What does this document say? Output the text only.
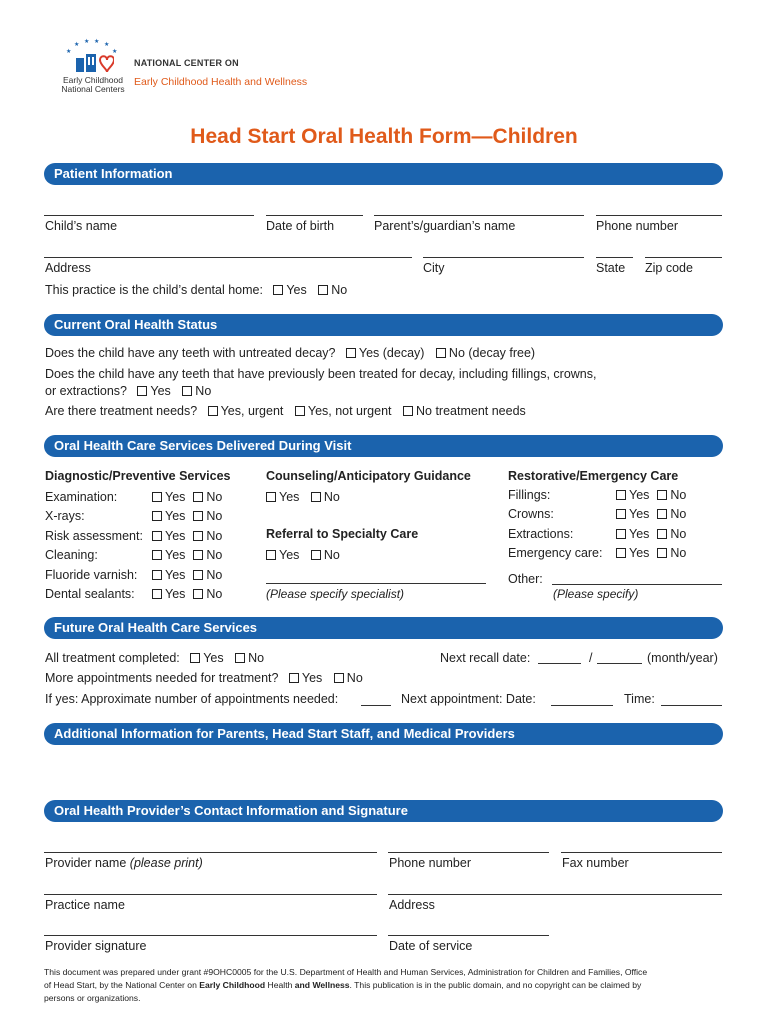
★
★ ★ ★ ★
★
Early Childhood
National Centers
NATIONAL CENTER ON
Early Childhood Health and Wellness
Head Start Oral Health Form—Children
Patient Information
Child’s name	Date of birth	Parent’s/guardian’s name	Phone number
Address	City	State Zip code
This practice is the child’s dental home: Yes No
Current Oral Health Status
Does the child have any teeth with untreated decay? Yes (decay) No (decay free)
Does the child have any teeth that have previously been treated for decay, including fillings, crowns,
or extractions? Yes No
Are there treatment needs? Yes, urgent Yes, not urgent No treatment needs
Oral Health Care Services Delivered During Visit
Diagnostic/Preventive Services
Examination:	Yes No
X-rays:	Yes No
Risk assessment:	Yes No
Cleaning:	Yes No
Fluoride varnish:	Yes No
Dental sealants:	Yes No
Counseling/Anticipatory Guidance
Yes No
Referral to Specialty Care
Yes No
(Please specify specialist)
Restorative/Emergency Care
Fillings:	Yes No
Crowns:	Yes No
Extractions:	Yes No
Emergency care:	Yes No
Other:
(Please specify)
Future Oral Health Care Services
All treatment completed: Yes No	Next recall date:	/	(month/year)
More appointments needed for treatment? Yes No
If yes: Approximate number of appointments needed:	Next appointment: Date:	Time:
Additional Information for Parents, Head Start Staff, and Medical Providers
Oral Health Provider’s Contact Information and Signature
Provider name (please print)	Phone number	Fax number
Practice name	Address
Provider signature	Date of service
This document was prepared under grant #9OHC0005 for the U.S. Department of Health and Human Services, Administration for Children and Families, Office
of Head Start, by the National Center on Early Childhood Health and Wellness. This publication is in the public domain, and no copyright can be claimed by
persons or organizations.
